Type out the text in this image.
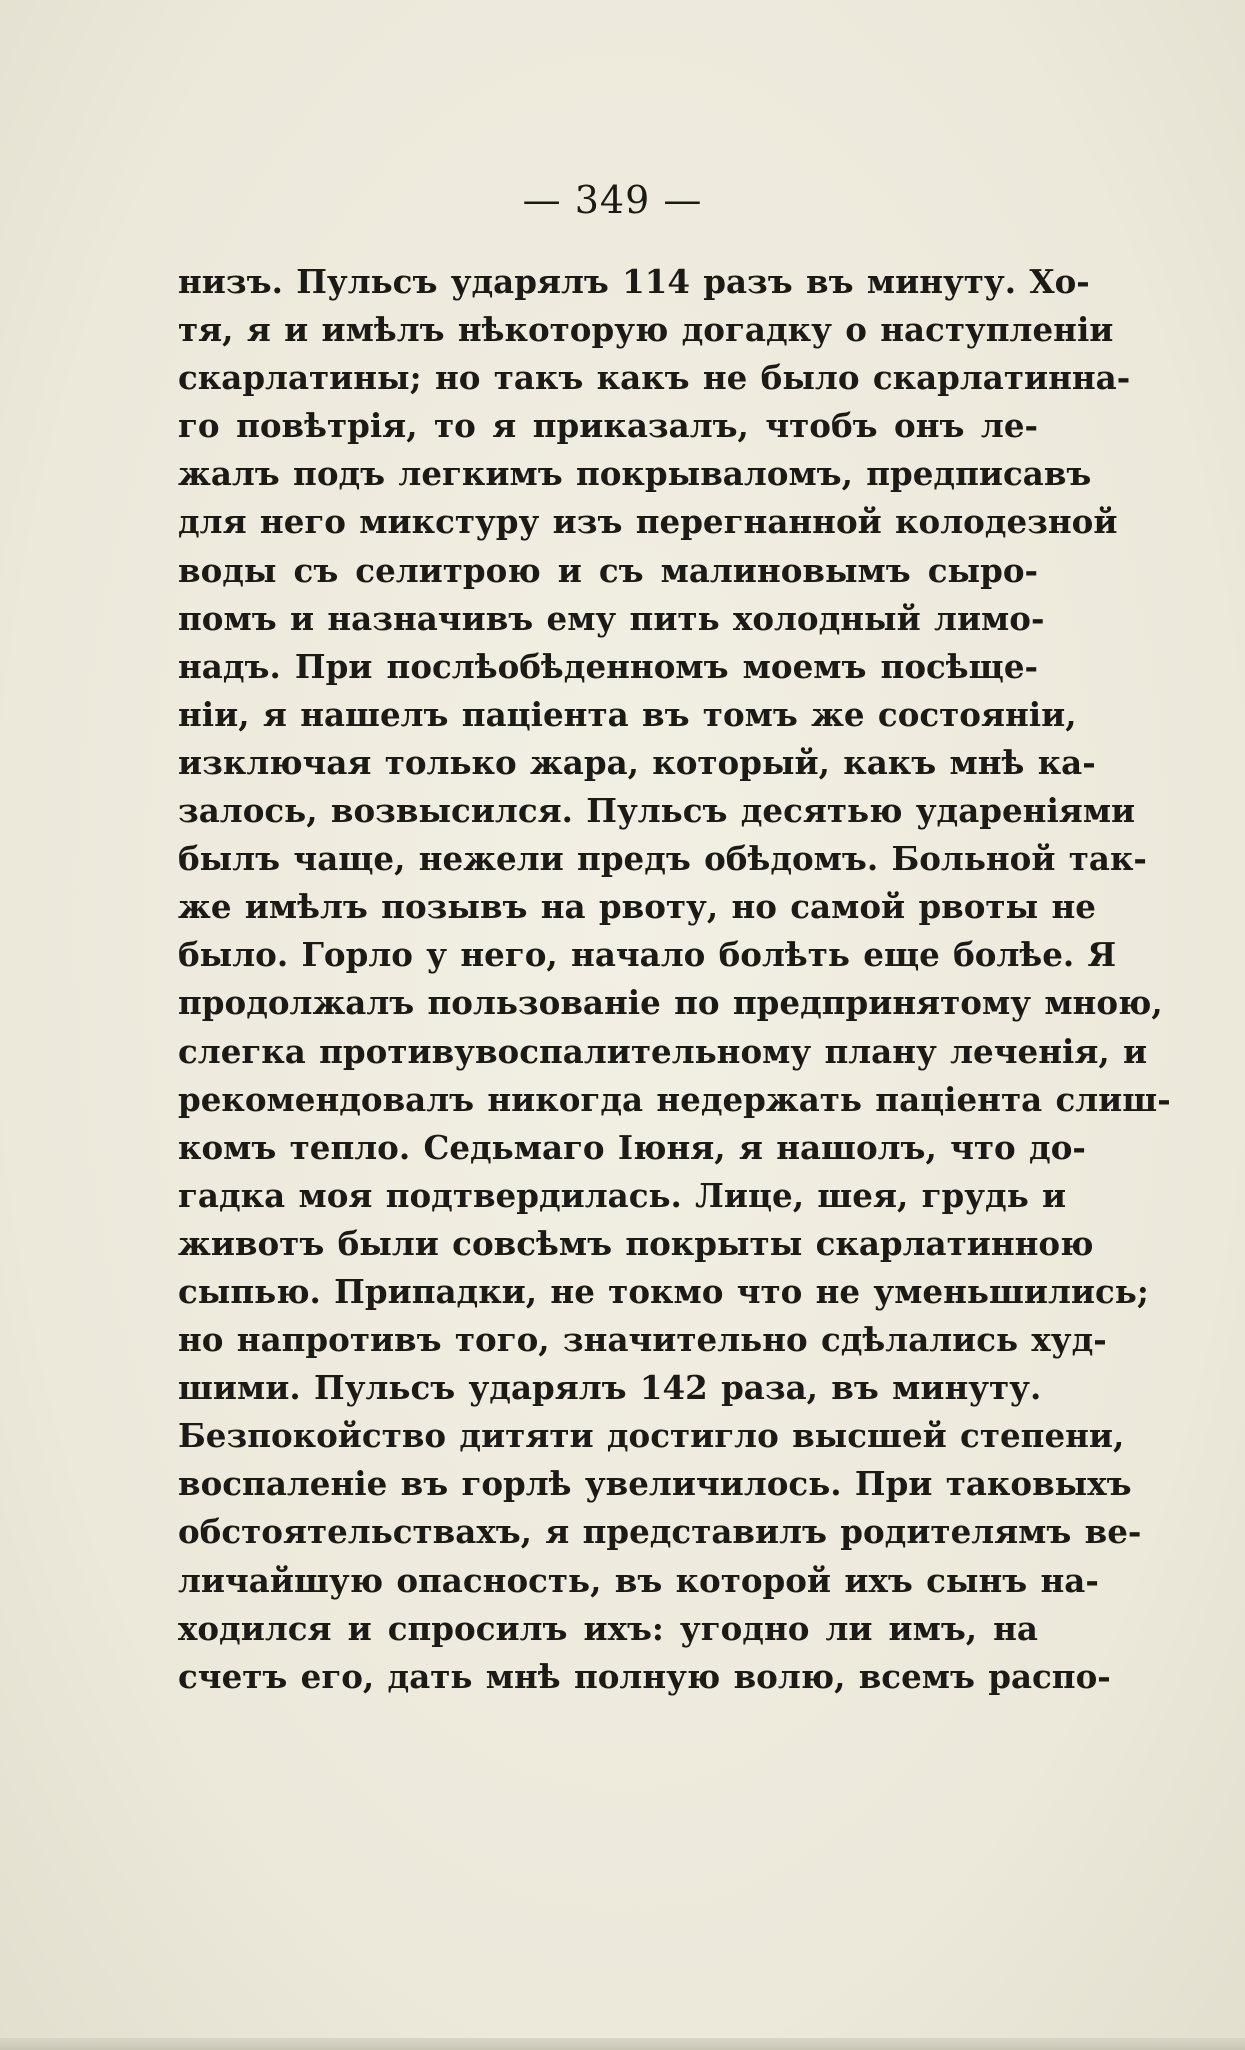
— 349 —
низъ. Пульсъ ударялъ 114 разъ въ минуту. Хо-
тя, я и имѣлъ нѣкоторую догадку о наступленіи
скарлатины; но такъ какъ не было скарлатинна-
го повѣтрія, то я приказалъ, чтобъ онъ ле-
жалъ подъ легкимъ покрываломъ, предписавъ
для него микстуру изъ перегнанной колодезной
воды съ селитрою и съ малиновымъ сыро-
помъ и назначивъ ему пить холодный лимо-
надъ. При послѣобѣденномъ моемъ посѣще-
ніи, я нашелъ паціента въ томъ же состояніи,
изключая только жара, который, какъ мнѣ ка-
залось, возвысился. Пульсъ десятью удареніями
былъ чаще, нежели предъ обѣдомъ. Больной так-
же имѣлъ позывъ на рвоту, но самой рвоты не
было. Горло у него, начало болѣть еще болѣе. Я
продолжалъ пользованіе по предпринятому мною,
слегка противувоспалительному плану леченія, и
рекомендовалъ никогда недержать паціента слиш-
комъ тепло. Седьмаго Іюня, я нашолъ, что до-
гадка моя подтвердилась. Лице, шея, грудь и
животъ были совсѣмъ покрыты скарлатинною
сыпью. Припадки, не токмо что не уменьшились;
но напротивъ того, значительно сдѣлались худ-
шими. Пульсъ ударялъ 142 раза, въ минуту.
Безпокойство дитяти достигло высшей степени,
воспаленіе въ горлѣ увеличилось. При таковыхъ
обстоятельствахъ, я представилъ родителямъ ве-
личайшую опасность, въ которой ихъ сынъ на-
ходился и спросилъ ихъ: угодно ли имъ, на
счетъ его, дать мнѣ полную волю, всемъ распо-
